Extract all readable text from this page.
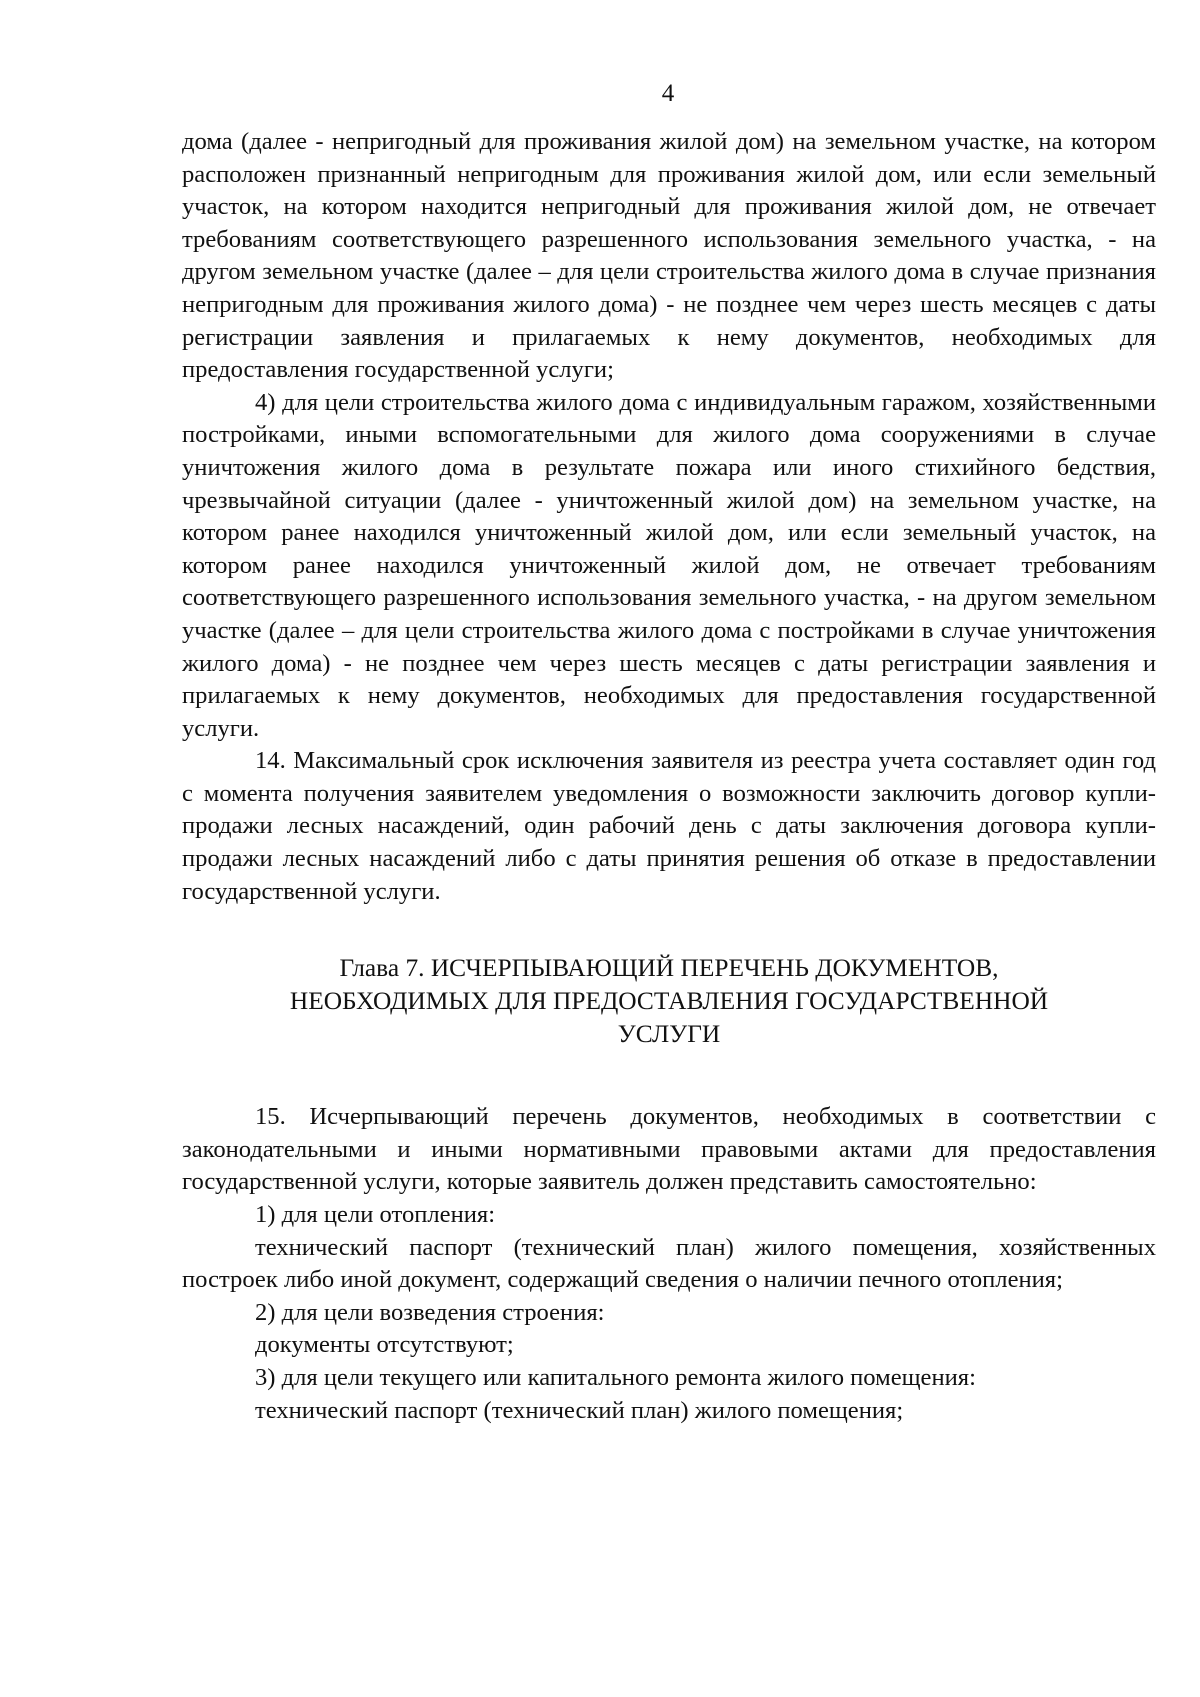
4

дома (далее - непригодный для проживания жилой дом) на земельном участке, на котором расположен признанный непригодным для проживания жилой дом, или если земельный участок, на котором находится непригодный для проживания жилой дом, не отвечает требованиям соответствующего разрешенного использования земельного участка, - на другом земельном участке (далее – для цели строительства жилого дома в случае признания непригодным для проживания жилого дома) - не позднее чем через шесть месяцев с даты регистрации заявления и прилагаемых к нему документов, необходимых для предоставления государственной услуги;

4) для цели строительства жилого дома с индивидуальным гаражом, хозяйственными постройками, иными вспомогательными для жилого дома сооружениями в случае уничтожения жилого дома в результате пожара или иного стихийного бедствия, чрезвычайной ситуации (далее - уничтоженный жилой дом) на земельном участке, на котором ранее находился уничтоженный жилой дом, или если земельный участок, на котором ранее находился уничтоженный жилой дом, не отвечает требованиям соответствующего разрешенного использования земельного участка, - на другом земельном участке (далее – для цели строительства жилого дома с постройками в случае уничтожения жилого дома) - не позднее чем через шесть месяцев с даты регистрации заявления и прилагаемых к нему документов, необходимых для предоставления государственной услуги.

14. Максимальный срок исключения заявителя из реестра учета составляет один год с момента получения заявителем уведомления о возможности заключить договор купли-продажи лесных насаждений, один рабочий день с даты заключения договора купли-продажи лесных насаждений либо с даты принятия решения об отказе в предоставлении государственной услуги.

Глава 7. ИСЧЕРПЫВАЮЩИЙ ПЕРЕЧЕНЬ ДОКУМЕНТОВ,
НЕОБХОДИМЫХ ДЛЯ ПРЕДОСТАВЛЕНИЯ ГОСУДАРСТВЕННОЙ
УСЛУГИ

15. Исчерпывающий перечень документов, необходимых в соответствии с законодательными и иными нормативными правовыми актами для предоставления государственной услуги, которые заявитель должен представить самостоятельно:

1) для цели отопления:

технический паспорт (технический план) жилого помещения, хозяйственных построек либо иной документ, содержащий сведения о наличии печного отопления;

2) для цели возведения строения:

документы отсутствуют;

3) для цели текущего или капитального ремонта жилого помещения:

технический паспорт (технический план) жилого помещения;
